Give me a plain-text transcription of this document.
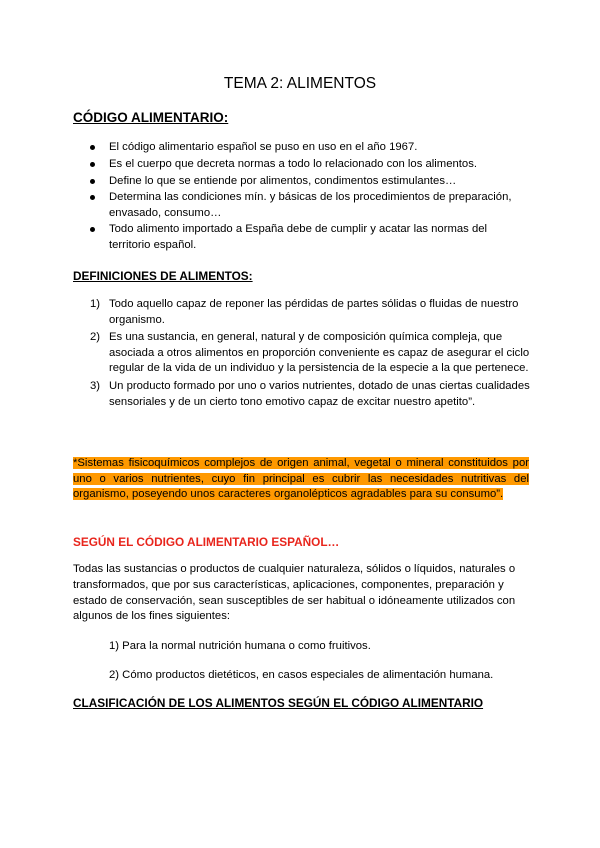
TEMA 2: ALIMENTOS
CÓDIGO ALIMENTARIO:
El código alimentario español se puso en uso en el año 1967.
Es el cuerpo que decreta normas a todo lo relacionado con los alimentos.
Define lo que se entiende por alimentos, condimentos estimulantes…
Determina las condiciones mín. y básicas de los procedimientos de preparación, envasado, consumo…
Todo alimento importado a España debe de cumplir y acatar las normas del territorio español.
DEFINICIONES DE ALIMENTOS:
1) Todo aquello capaz de reponer las pérdidas de partes sólidas o fluidas de nuestro organismo.
2) Es una sustancia, en general, natural y de composición química compleja, que asociada a otros alimentos en proporción conveniente es capaz de asegurar el ciclo regular de la vida de un individuo y la persistencia de la especie a la que pertenece.
3) Un producto formado por uno o varios nutrientes, dotado de unas ciertas cualidades sensoriales y de un cierto tono emotivo capaz de excitar nuestro apetito”.
*Sistemas fisicoquímicos complejos de origen animal, vegetal o mineral constituidos por uno o varios nutrientes, cuyo fin principal es cubrir las necesidades nutritivas del organismo, poseyendo unos caracteres organolépticos agradables para su consumo”.
SEGÚN EL CÓDIGO ALIMENTARIO ESPAÑOL…
Todas las sustancias o productos de cualquier naturaleza, sólidos o líquidos, naturales o transformados, que por sus características, aplicaciones, componentes, preparación y estado de conservación, sean susceptibles de ser habitual o idóneamente utilizados con algunos de los fines siguientes:
1) Para la normal nutrición humana o como fruitivos.
2) Cómo productos dietéticos, en casos especiales de alimentación humana.
CLASIFICACIÓN DE LOS ALIMENTOS SEGÚN EL CÓDIGO ALIMENTARIO
